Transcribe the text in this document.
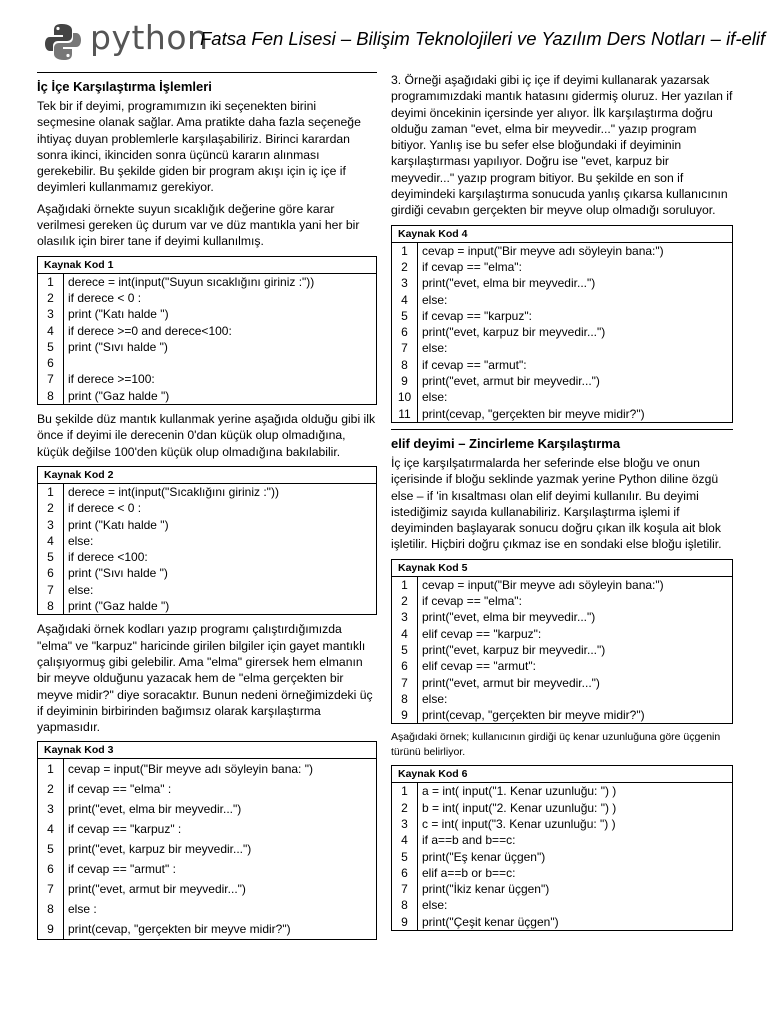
python
Fatsa Fen Lisesi – Bilişim Teknolojileri ve Yazılım Ders Notları – if-elif
İç İçe Karşılaştırma İşlemleri

Tek bir if deyimi, programımızın iki seçenekten birini seçmesine olanak sağlar. Ama pratikte daha fazla seçeneğe ihtiyaç duyan problemlerle karşılaşabiliriz. Birinci karardan sonra ikinci, ikinciden sonra üçüncü kararın alınması gerekebilir. Bu şekilde giden bir program akışı için iç içe if deyimleri kullanmamız gerekiyor.

Aşağıdaki örnekte suyun sıcaklığık değerine göre karar verilmesi gereken üç durum var ve düz mantıkla yani her bir olasılık için birer tane if deyimi kullanılmış.

Kaynak Kod 1
1
2
3
4
5
6
7
8
derece = int(input("Suyun sıcaklığını giriniz :"))
if derece < 0 :
print ("Katı halde ")
if derece >=0 and derece<100:
print ("Sıvı halde ")
if derece >=100:
print ("Gaz halde ")

Bu şekilde düz mantık kullanmak yerine aşağıda olduğu gibi ilk önce if deyimi ile derecenin 0'dan küçük olup olmadığına, küçük değilse 100'den küçük olup olmadığına bakılabilir.

Kaynak Kod 2
1
2
3
4
5
6
7
8
derece = int(input("Sıcaklığını giriniz :"))
if derece < 0 :
print ("Katı halde ")
else:
if derece <100:
print ("Sıvı halde ")
else:
print ("Gaz halde ")

Aşağıdaki örnek kodları yazıp programı çalıştırdığımızda "elma" ve "karpuz" haricinde girilen bilgiler için gayet mantıklı çalışıyormuş gibi gelebilir. Ama "elma" girersek hem elmanın bir meyve olduğunu yazacak hem de "elma gerçekten bir meyve midir?" diye soracaktır. Bunun nedeni örneğimizdeki üç if deyiminin birbirinden bağımsız olarak karşılaştırma yapmasıdır.

Kaynak Kod 3
1
2
3
4
5
6
7
8
9
cevap = input("Bir meyve adı söyleyin bana: ")
if cevap == "elma" :
print("evet, elma bir meyvedir...")
if cevap == "karpuz" :
print("evet, karpuz bir meyvedir...")
if cevap == "armut" :
print("evet, armut bir meyvedir...")
else :
print(cevap, "gerçekten bir meyve midir?")

3. Örneği aşağıdaki gibi iç içe if deyimi kullanarak yazarsak programımızdaki mantık hatasını gidermiş oluruz. Her yazılan if deyimi öncekinin içersinde yer alıyor. İlk karşılaştırma doğru olduğu zaman "evet, elma bir meyvedir..." yazıp program bitiyor. Yanlış ise bu sefer else bloğundaki if deyiminin karşılaştırması yapılıyor. Doğru ise "evet, karpuz bir meyvedir..." yazıp program bitiyor. Bu şekilde en son if deyimindeki karşılaştırma sonucuda yanlış çıkarsa kullanıcının girdiği cevabın gerçekten bir meyve olup olmadığı soruluyor.

Kaynak Kod 4
1
2
3
4
5
6
7
8
9
10
11
cevap = input("Bir meyve adı söyleyin bana:")
if cevap == "elma":
print("evet, elma bir meyvedir...")
else:
if cevap == "karpuz":
print("evet, karpuz bir meyvedir...")
else:
if cevap == "armut":
print("evet, armut bir meyvedir...")
else:
print(cevap, "gerçekten bir meyve midir?")
elif deyimi – Zincirleme Karşılaştırma

İç içe karşılşatırmalarda her seferinde else bloğu ve onun içerisinde if bloğu seklinde yazmak yerine Python diline özgü else – if 'in kısaltması olan elif deyimi kullanılır. Bu deyimi istediğimiz sayıda kullanabiliriz. Karşılaştırma işlemi if deyiminden başlayarak sonucu doğru çıkan ilk koşula ait blok işletilir. Hiçbiri doğru çıkmaz ise en sondaki else bloğu işletilir.

Kaynak Kod 5
1
2
3
4
5
6
7
8
9
cevap = input("Bir meyve adı söyleyin bana:")
if cevap == "elma":
print("evet, elma bir meyvedir...")
elif cevap == "karpuz":
print("evet, karpuz bir meyvedir...")
elif cevap == "armut":
print("evet, armut bir meyvedir...")
else:
print(cevap, "gerçekten bir meyve midir?")
Aşağıdaki örnek; kullanıcının girdiği üç kenar uzunluğuna göre üçgenin türünü belirliyor.
Kaynak Kod 6
1
2
3
4
5
6
7
8
9
a = int( input("1. Kenar uzunluğu: ") )
b = int( input("2. Kenar uzunluğu: ") )
c = int( input("3. Kenar uzunluğu: ") )
if a==b and b==c:
print("Eş kenar üçgen")
elif a==b or b==c:
print("İkiz kenar üçgen")
else:
print("Çeşit kenar üçgen")
